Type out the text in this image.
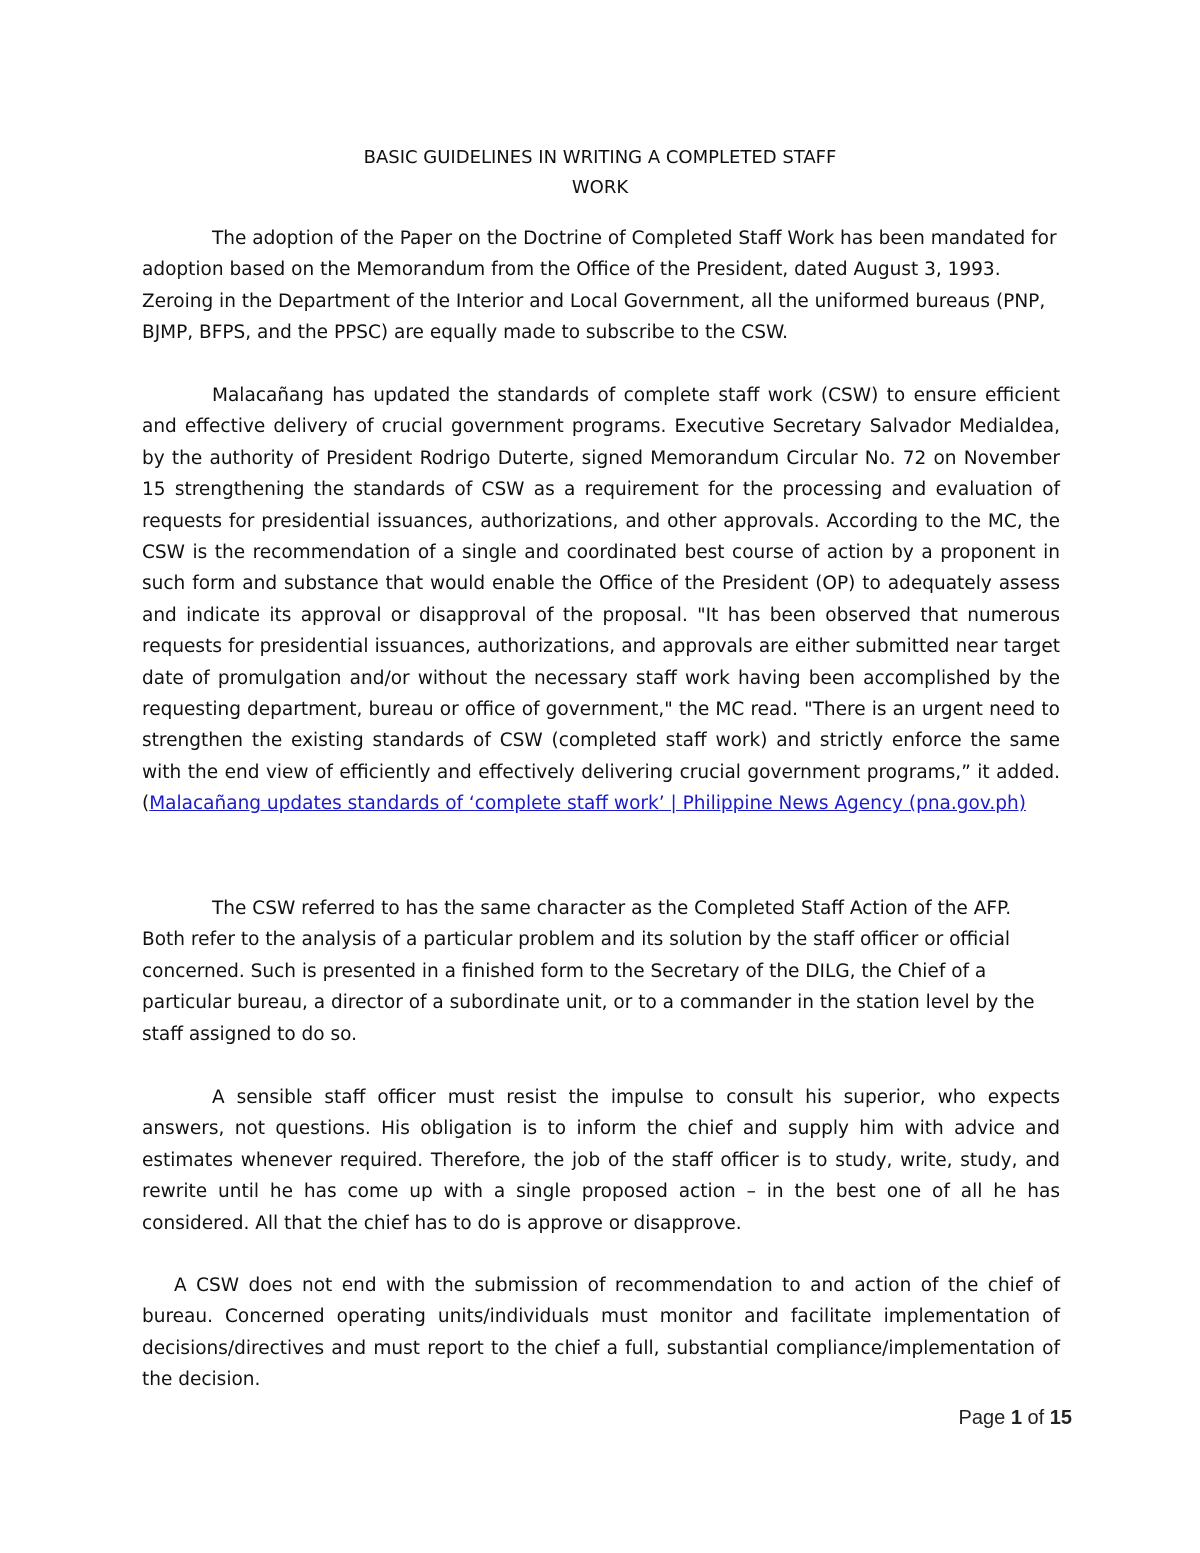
BASIC GUIDELINES IN WRITING A COMPLETED STAFF
WORK

The adoption of the Paper on the Doctrine of Completed Staff Work has been mandated for adoption based on the Memorandum from the Office of the President, dated August 3, 1993. Zeroing in the Department of the Interior and Local Government, all the uniformed bureaus (PNP, BJMP, BFPS, and the PPSC) are equally made to subscribe to the CSW.

Malacañang has updated the standards of complete staff work (CSW) to ensure efficient and effective delivery of crucial government programs. Executive Secretary Salvador Medialdea, by the authority of President Rodrigo Duterte, signed Memorandum Circular No. 72 on November 15 strengthening the standards of CSW as a requirement for the processing and evaluation of requests for presidential issuances, authorizations, and other approvals. According to the MC, the CSW is the recommendation of a single and coordinated best course of action by a proponent in such form and substance that would enable the Office of the President (OP) to adequately assess and indicate its approval or disapproval of the proposal. "It has been observed that numerous requests for presidential issuances, authorizations, and approvals are either submitted near target date of promulgation and/or without the necessary staff work having been accomplished by the requesting department, bureau or office of government," the MC read. "There is an urgent need to strengthen the existing standards of CSW (completed staff work) and strictly enforce the same with the end view of efficiently and effectively delivering crucial government programs,” it added. (Malacañang updates standards of ‘complete staff work’ | Philippine News Agency (pna.gov.ph)

The CSW referred to has the same character as the Completed Staff Action of the AFP. Both refer to the analysis of a particular problem and its solution by the staff officer or official concerned. Such is presented in a finished form to the Secretary of the DILG, the Chief of a particular bureau, a director of a subordinate unit, or to a commander in the station level by the staff assigned to do so.

A sensible staff officer must resist the impulse to consult his superior, who expects answers, not questions. His obligation is to inform the chief and supply him with advice and estimates whenever required. Therefore, the job of the staff officer is to study, write, study, and rewrite until he has come up with a single proposed action – in the best one of all he has considered. All that the chief has to do is approve or disapprove.

A CSW does not end with the submission of recommendation to and action of the chief of bureau. Concerned operating units/individuals must monitor and facilitate implementation of decisions/directives and must report to the chief a full, substantial compliance/implementation of the decision.

Page 1 of 15
